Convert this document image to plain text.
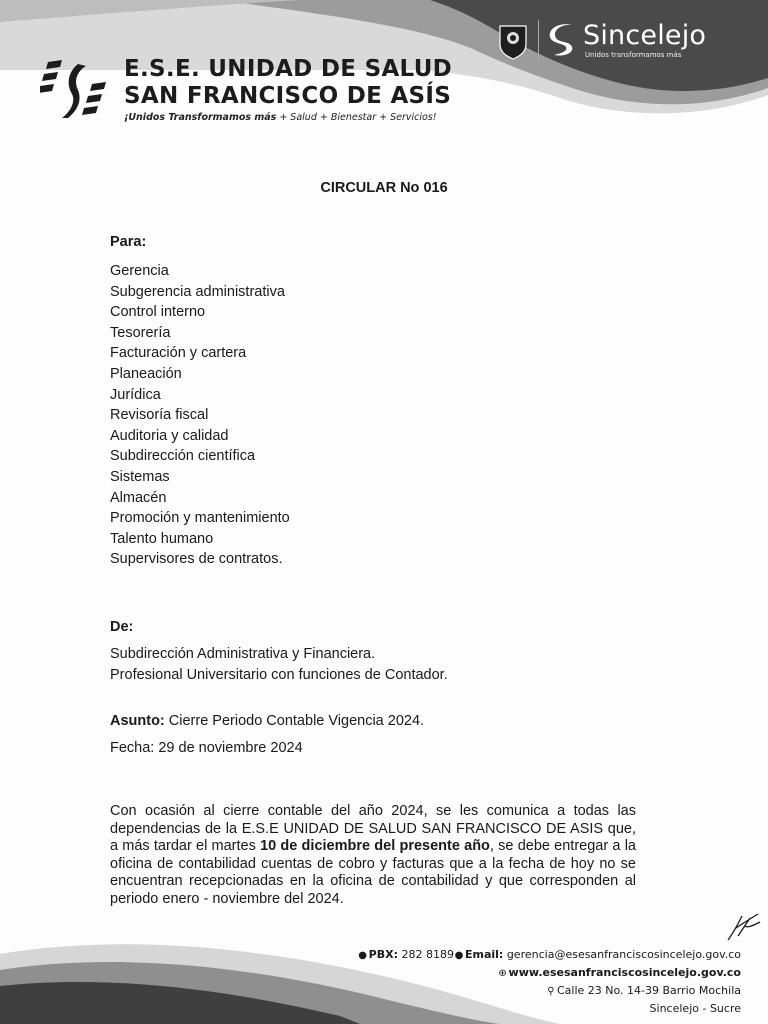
E.S.E. UNIDAD DE SALUD
SAN FRANCISCO DE ASÍS
¡Unidos Transformamos más + Salud + Bienestar + Servicios!
Sincelejo
Unidos transformamos más
CIRCULAR No 016
Para:
Gerencia
Subgerencia administrativa
Control interno
Tesorería
Facturación y cartera
Planeación
Jurídica
Revisoría fiscal
Auditoria y calidad
Subdirección científica
Sistemas
Almacén
Promoción y mantenimiento
Talento humano
Supervisores de contratos.
De:
Subdirección Administrativa y Financiera.
Profesional Universitario con funciones de Contador.
Asunto: Cierre Periodo Contable Vigencia 2024.
Fecha: 29 de noviembre 2024

Con ocasión al cierre contable del año 2024, se les comunica a todas las dependencias de la E.S.E UNIDAD DE SALUD SAN FRANCISCO DE ASIS que, a más tardar el martes 10 de diciembre del presente año, se debe entregar a la oficina de contabilidad cuentas de cobro y facturas que a la fecha de hoy no se encuentran recepcionadas en la oficina de contabilidad y que corresponden al periodo enero - noviembre del 2024.

● PBX: 282 8189● Email: gerencia@esesanfranciscosincelejo.gov.co
⊕ www.esesanfranciscosincelejo.gov.co
⚲ Calle 23 No. 14-39 Barrio Mochila
Sincelejo - Sucre
